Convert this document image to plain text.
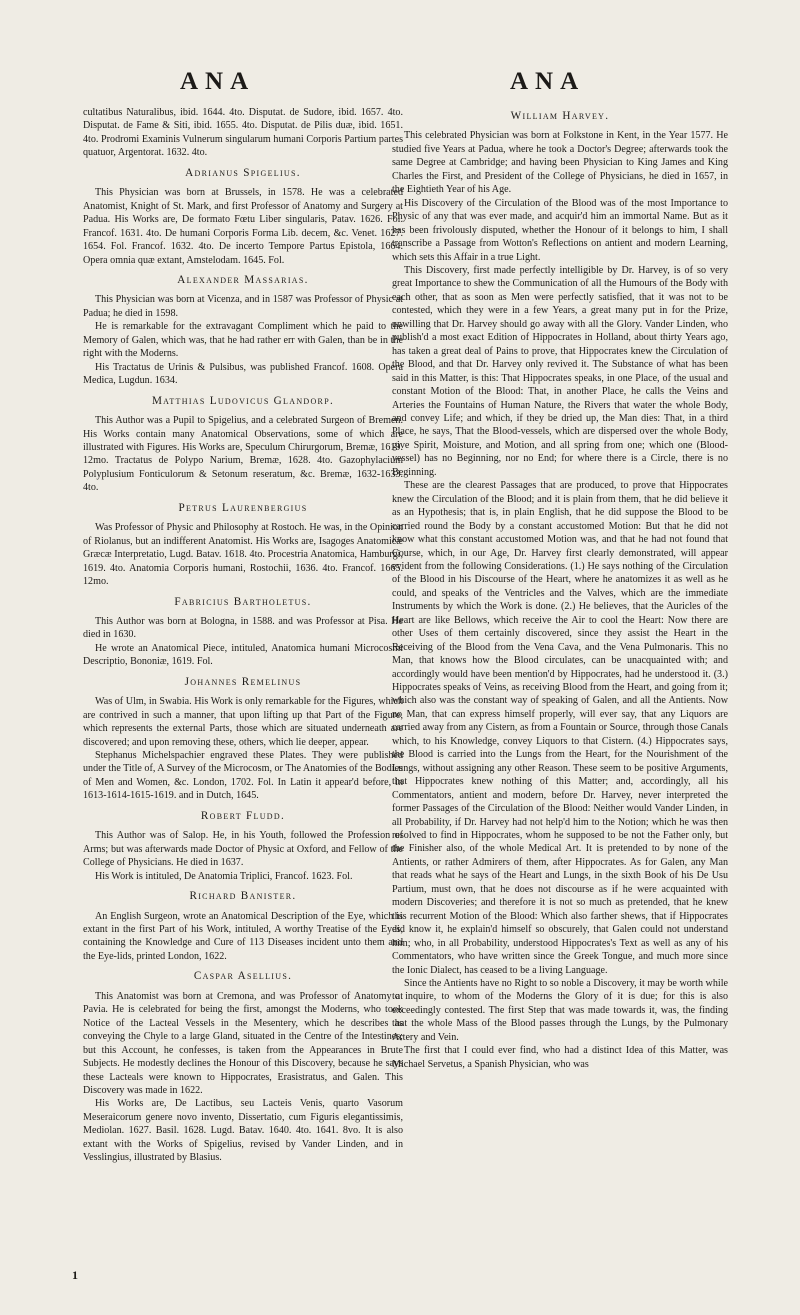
ANA	ANA

cultatibus Naturalibus, ibid. 1644. 4to. Disputat. de Sudore, ibid. 1657. 4to. Disputat. de Fame & Siti, ibid. 1655. 4to. Disputat. de Pilis duæ, ibid. 1651. 4to. Prodromi Examinis Vulnerum singularum humani Corporis Partium partes quatuor, Argentorat. 1632. 4to.

Adrianus Spigelius.

This Physician was born at Brussels, in 1578. He was a celebrated Anatomist, Knight of St. Mark, and first Professor of Anatomy and Surgery at Padua. His Works are, De formato Fœtu Liber singularis, Patav. 1626. Fol. Francof. 1631. 4to. De humani Corporis Forma Lib. decem, &c. Venet. 1627. 1654. Fol. Francof. 1632. 4to. De incerto Tempore Partus Epistola, 1664. Opera omnia quæ extant, Amstelodam. 1645. Fol.

Alexander Massarias.

This Physician was born at Vicenza, and in 1587 was Professor of Physic at Padua; he died in 1598.

He is remarkable for the extravagant Compliment which he paid to the Memory of Galen, which was, that he had rather err with Galen, than be in the right with the Moderns.

His Tractatus de Urinis & Pulsibus, was published Francof. 1608. Opera Medica, Lugdun. 1634.

Matthias Ludovicus Glandorp.

This Author was a Pupil to Spigelius, and a celebrated Surgeon of Bremen. His Works contain many Anatomical Observations, some of which are illustrated with Figures. His Works are, Speculum Chirurgorum, Bremæ, 1619. 12mo. Tractatus de Polypo Narium, Bremæ, 1628. 4to. Gazophylacium Polyplusium Fonticulorum & Setonum reseratum, &c. Bremæ, 1632-1633. 4to.

Petrus Laurenbergius

Was Professor of Physic and Philosophy at Rostoch. He was, in the Opinion of Riolanus, but an indifferent Anatomist. His Works are, Isagoges Anatomicæ Græcæ Interpretatio, Lugd. Batav. 1618. 4to. Procestria Anatomica, Hamburgi, 1619. 4to. Anatomia Corporis humani, Rostochii, 1636. 4to. Francof. 1665. 12mo.

Fabricius Bartholetus.

This Author was born at Bologna, in 1588. and was Professor at Pisa. He died in 1630.

He wrote an Anatomical Piece, intituled, Anatomica humani Microcosmi Descriptio, Bononiæ, 1619. Fol.

Johannes Remelinus

Was of Ulm, in Swabia. His Work is only remarkable for the Figures, which are contrived in such a manner, that upon lifting up that Part of the Figure, which represents the external Parts, those which are situated underneath are discovered; and upon removing these, others, which lie deeper, appear.

Stephanus Michelspachier engraved these Plates. They were published under the Title of, A Survey of the Microcosm, or The Anatomies of the Bodies of Men and Women, &c. London, 1702. Fol. In Latin it appear'd before, in 1613-1614-1615-1619. and in Dutch, 1645.

Robert Fludd.

This Author was of Salop. He, in his Youth, followed the Profession of Arms; but was afterwards made Doctor of Physic at Oxford, and Fellow of the College of Physicians. He died in 1637.

His Work is intituled, De Anatomia Triplici, Francof. 1623. Fol.

Richard Banister.

An English Surgeon, wrote an Anatomical Description of the Eye, which is extant in the first Part of his Work, intituled, A worthy Treatise of the Eyes, containing the Knowledge and Cure of 113 Diseases incident unto them and the Eye-lids, printed London, 1622.

Caspar Asellius.

This Anatomist was born at Cremona, and was Professor of Anatomy at Pavia. He is celebrated for being the first, amongst the Moderns, who took Notice of the Lacteal Vessels in the Mesentery, which he describes as conveying the Chyle to a large Gland, situated in the Centre of the Intestines; but this Account, he confesses, is taken from the Appearances in Brute Subjects. He modestly declines the Honour of this Discovery, because he says these Lacteals were known to Hippocrates, Erasistratus, and Galen. This Discovery was made in 1622.

His Works are, De Lactibus, seu Lacteis Venis, quarto Vasorum Meseraicorum genere novo invento, Dissertatio, cum Figuris elegantissimis, Mediolan. 1627. Basil. 1628. Lugd. Batav. 1640. 4to. 1641. 8vo. It is also extant with the Works of Spigelius, revised by Vander Linden, and in Vesslingius, illustrated by Blasius.

William Harvey.

This celebrated Physician was born at Folkstone in Kent, in the Year 1577. He studied five Years at Padua, where he took a Doctor's Degree; afterwards took the same Degree at Cambridge; and having been Physician to King James and King Charles the First, and President of the College of Physicians, he died in 1657, in the Eightieth Year of his Age.

His Discovery of the Circulation of the Blood was of the most Importance to Physic of any that was ever made, and acquir'd him an immortal Name. But as it has been frivolously disputed, whether the Honour of it belongs to him, I shall transcribe a Passage from Wotton's Reflections on antient and modern Learning, which sets this Affair in a true Light.

This Discovery, first made perfectly intelligible by Dr. Harvey, is of so very great Importance to shew the Communication of all the Humours of the Body with each other, that as soon as Men were perfectly satisfied, that it was not to be contested, which they were in a few Years, a great many put in for the Prize, unwilling that Dr. Harvey should go away with all the Glory. Vander Linden, who publish'd a most exact Edition of Hippocrates in Holland, about thirty Years ago, has taken a great deal of Pains to prove, that Hippocrates knew the Circulation of the Blood, and that Dr. Harvey only revived it. The Substance of what has been said in this Matter, is this: That Hippocrates speaks, in one Place, of the usual and constant Motion of the Blood: That, in another Place, he calls the Veins and Arteries the Fountains of Human Nature, the Rivers that water the whole Body, and convey Life; and which, if they be dried up, the Man dies: That, in a third Place, he says, That the Blood-vessels, which are dispersed over the whole Body, give Spirit, Moisture, and Motion, and all spring from one; which one (Blood-vessel) has no Beginning, nor no End; for where there is a Circle, there is no Beginning.

These are the clearest Passages that are produced, to prove that Hippocrates knew the Circulation of the Blood; and it is plain from them, that he did believe it as an Hypothesis; that is, in plain English, that he did suppose the Blood to be carried round the Body by a constant accustomed Motion: But that he did not know what this constant accustomed Motion was, and that he had not found that Course, which, in our Age, Dr. Harvey first clearly demonstrated, will appear evident from the following Considerations. (1.) He says nothing of the Circulation of the Blood in his Discourse of the Heart, where he anatomizes it as well as he could, and speaks of the Ventricles and the Valves, which are the immediate Instruments by which the Work is done. (2.) He believes, that the Auricles of the Heart are like Bellows, which receive the Air to cool the Heart: Now there are other Uses of them certainly discovered, since they assist the Heart in the Receiving of the Blood from the Vena Cava, and the Vena Pulmonaris. This no Man, that knows how the Blood circulates, can be unacquainted with; and accordingly would have been mention'd by Hippocrates, had he understood it. (3.) Hippocrates speaks of Veins, as receiving Blood from the Heart, and going from it; which also was the constant way of speaking of Galen, and all the Antients. Now no Man, that can express himself properly, will ever say, that any Liquors are carried away from any Cistern, as from a Fountain or Source, through those Canals which, to his Knowledge, convey Liquors to that Cistern. (4.) Hippocrates says, the Blood is carried into the Lungs from the Heart, for the Nourishment of the Lungs, without assigning any other Reason. These seem to be positive Arguments, that Hippocrates knew nothing of this Matter; and, accordingly, all his Commentators, antient and modern, before Dr. Harvey, never interpreted the former Passages of the Circulation of the Blood: Neither would Vander Linden, in all Probability, if Dr. Harvey had not help'd him to the Notion; which he was then resolved to find in Hippocrates, whom he supposed to be not the Father only, but the Finisher also, of the whole Medical Art. It is pretended to by none of the Antients, or rather Admirers of them, after Hippocrates. As for Galen, any Man that reads what he says of the Heart and Lungs, in the sixth Book of his De Usu Partium, must own, that he does not discourse as if he were acquainted with modern Discoveries; and therefore it is not so much as pretended, that he knew this recurrent Motion of the Blood: Which also farther shews, that if Hippocrates did know it, he explain'd himself so obscurely, that Galen could not understand him; who, in all Probability, understood Hippocrates's Text as well as any of his Commentators, who have written since the Greek Tongue, and much more since the Ionic Dialect, has ceased to be a living Language.

Since the Antients have no Right to so noble a Discovery, it may be worth while to inquire, to whom of the Moderns the Glory of it is due; for this is also exceedingly contested. The first Step that was made towards it, was, the finding that the whole Mass of the Blood passes through the Lungs, by the Pulmonary Artery and Vein.

The first that I could ever find, who had a distinct Idea of this Matter, was Michael Servetus, a Spanish Physician, who was

1
